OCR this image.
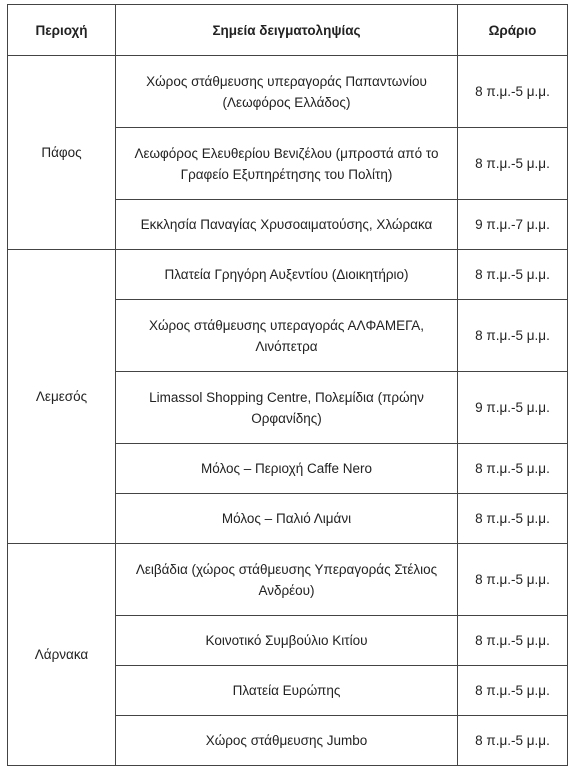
Περιοχή	Σημεία δειγματοληψίας	Ωράριο
Πάφος	Χώρος στάθμευσης υπεραγοράς Παπαντωνίου (Λεωφόρος Ελλάδος)	8 π.μ.-5 μ.μ.
	Λεωφόρος Ελευθερίου Βενιζέλου (μπροστά από το Γραφείο Εξυπηρέτησης του Πολίτη)	8 π.μ.-5 μ.μ.
	Εκκλησία Παναγίας Χρυσοαιματούσης, Χλώρακα	9 π.μ.-7 μ.μ.
Λεμεσός	Πλατεία Γρηγόρη Αυξεντίου (Διοικητήριο)	8 π.μ.-5 μ.μ.
	Χώρος στάθμευσης υπεραγοράς ΑΛΦΑΜΕΓΑ, Λινόπετρα	8 π.μ.-5 μ.μ.
	Limassol Shopping Centre, Πολεμίδια (πρώην Ορφανίδης)	9 π.μ.-5 μ.μ.
	Μόλος – Περιοχή Caffe Nero	8 π.μ.-5 μ.μ.
	Μόλος – Παλιό Λιμάνι	8 π.μ.-5 μ.μ.
Λάρνακα	Λειβάδια (χώρος στάθμευσης Υπεραγοράς Στέλιος Ανδρέου)	8 π.μ.-5 μ.μ.
	Κοινοτικό Συμβούλιο Κιτίου	8 π.μ.-5 μ.μ.
	Πλατεία Ευρώπης	8 π.μ.-5 μ.μ.
	Χώρος στάθμευσης Jumbo	8 π.μ.-5 μ.μ.
